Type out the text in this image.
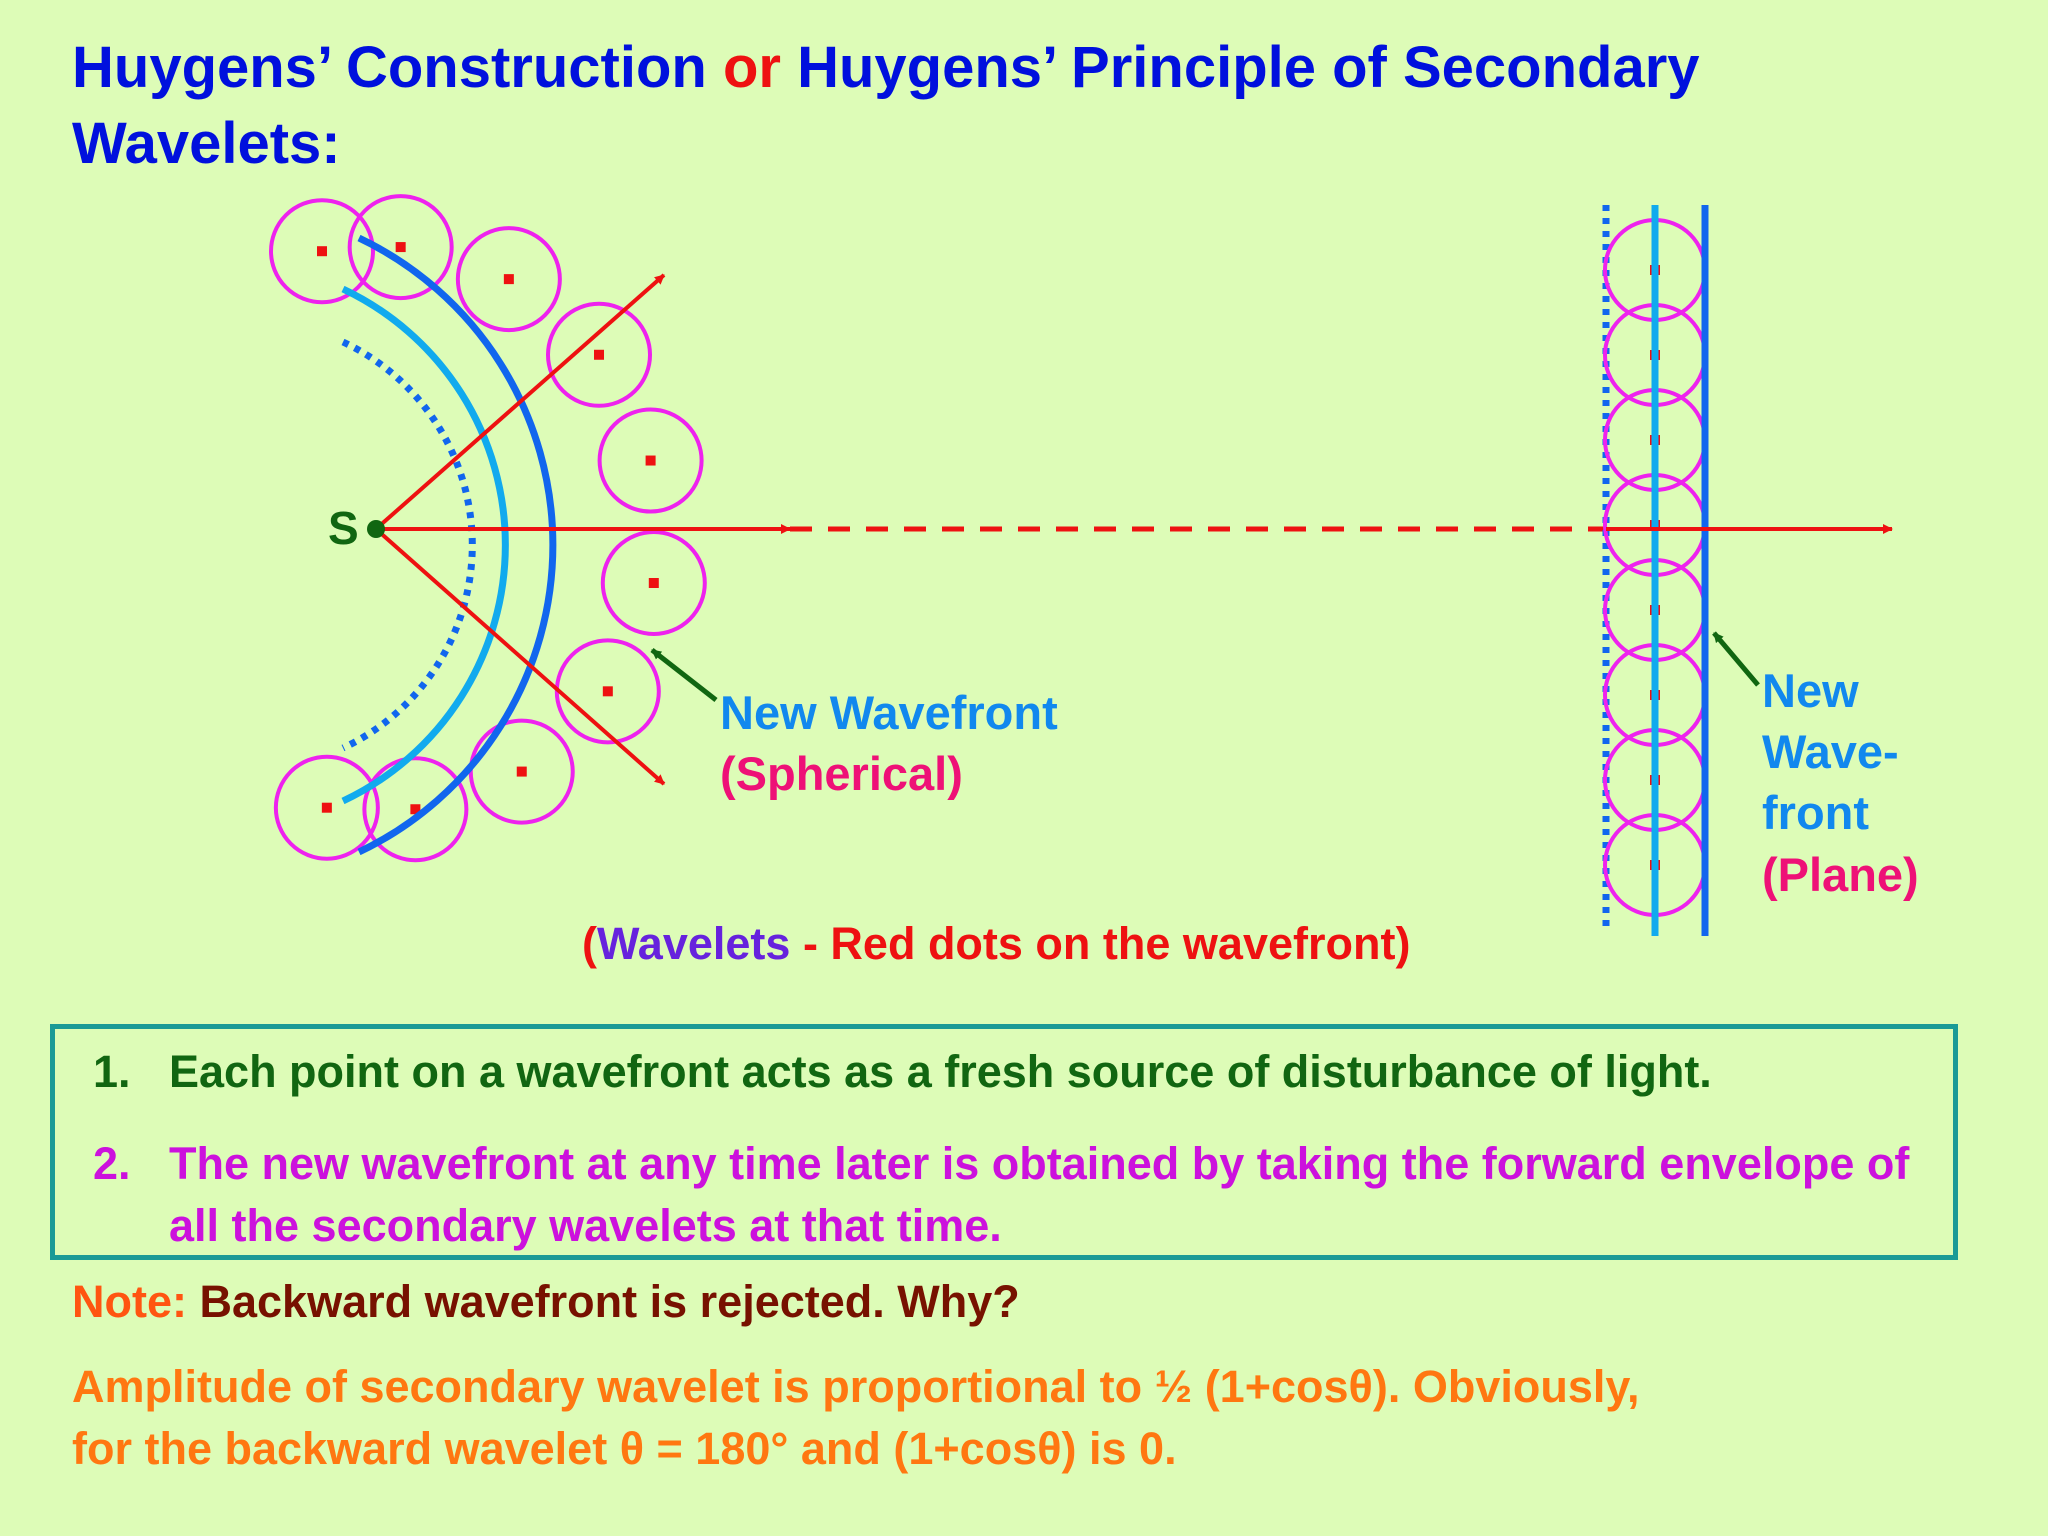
Huygens’ Construction or Huygens’ Principle of Secondary Wavelets:
S
New Wavefront
(Spherical)
New
Wave-
front
(Plane)
(Wavelets - Red dots on the wavefront)
1. Each point on a wavefront acts as a fresh source of disturbance of light.
2. The new wavefront at any time later is obtained by taking the forward envelope of all the secondary wavelets at that time.
Note: Backward wavefront is rejected. Why?
Amplitude of secondary wavelet is proportional to ½ (1+cosθ). Obviously,
for the backward wavelet θ = 180° and (1+cosθ) is 0.
